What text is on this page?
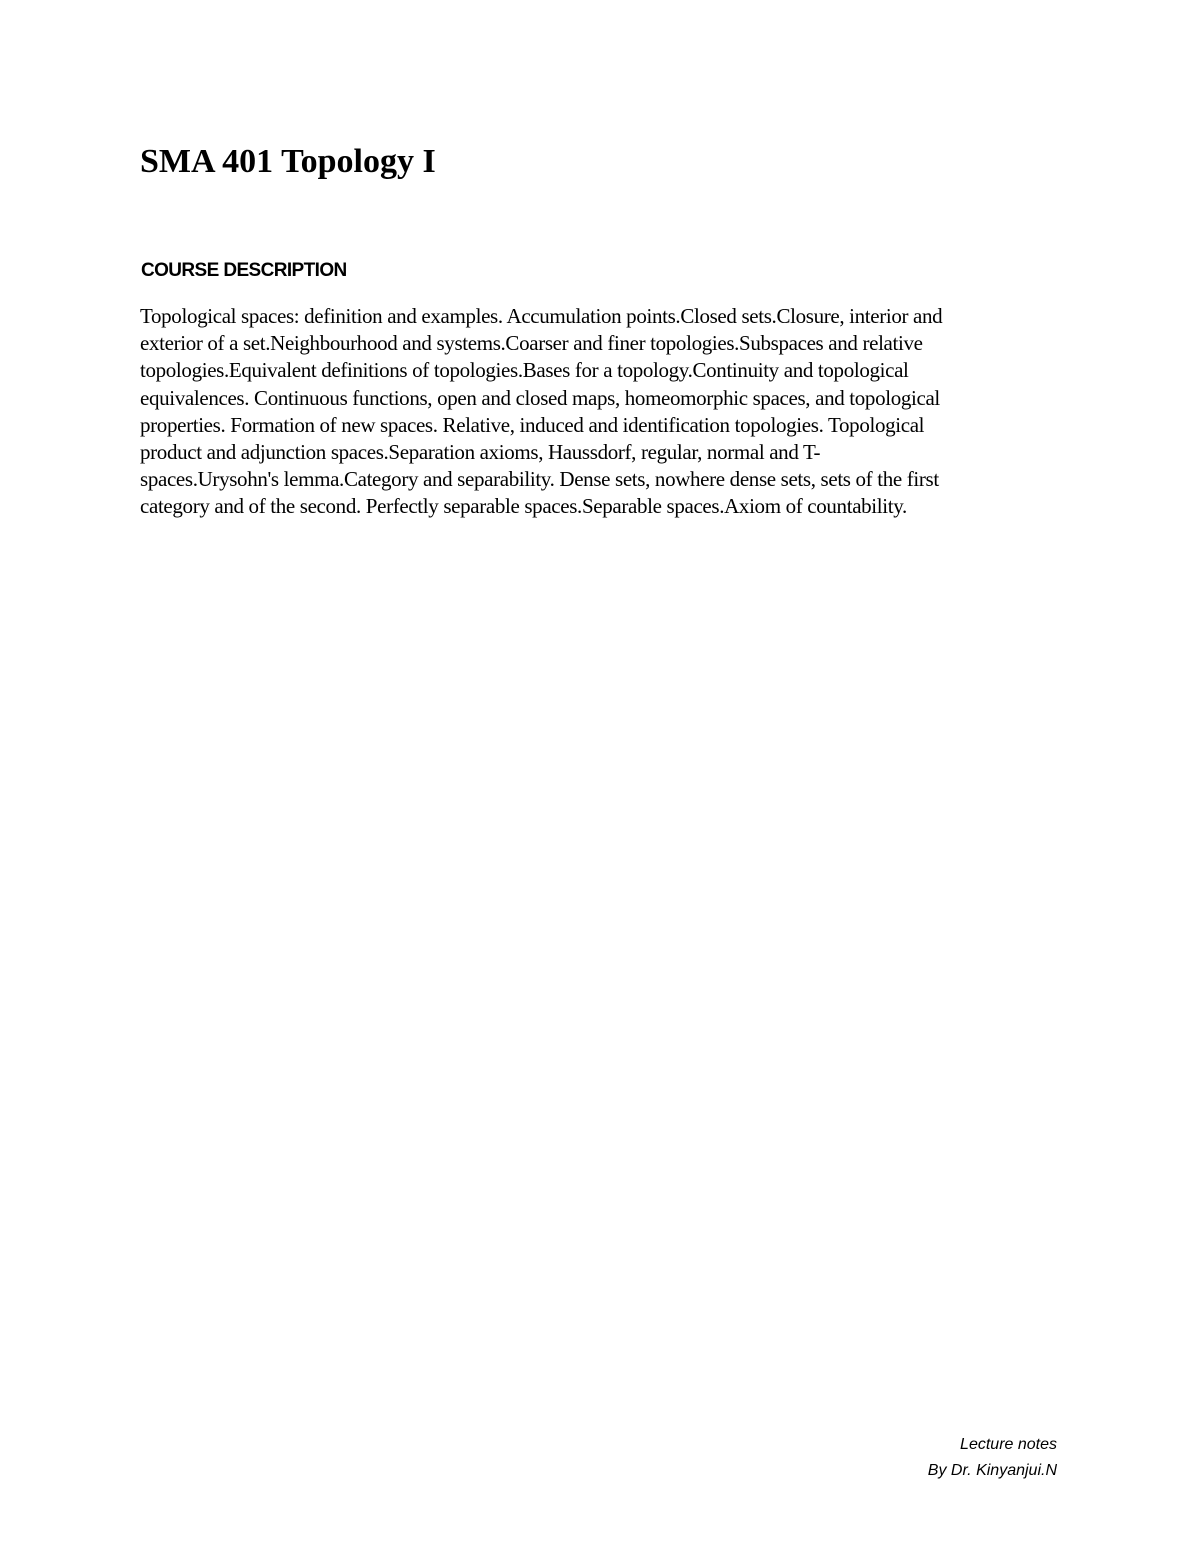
SMA 401 Topology I
COURSE DESCRIPTION
Topological spaces: definition and examples. Accumulation points.Closed sets.Closure, interior and
exterior of a set.Neighbourhood and systems.Coarser and finer topologies.Subspaces and relative
topologies.Equivalent definitions of topologies.Bases for a topology.Continuity and topological
equivalences. Continuous functions, open and closed maps, homeomorphic spaces, and topological
properties. Formation of new spaces. Relative, induced and identification topologies. Topological
product and adjunction spaces.Separation axioms, Haussdorf, regular, normal and T-
spaces.Urysohn's lemma.Category and separability. Dense sets, nowhere dense sets, sets of the first
category and of the second. Perfectly separable spaces.Separable spaces.Axiom of countability.
Lecture notes
By Dr. Kinyanjui.N
